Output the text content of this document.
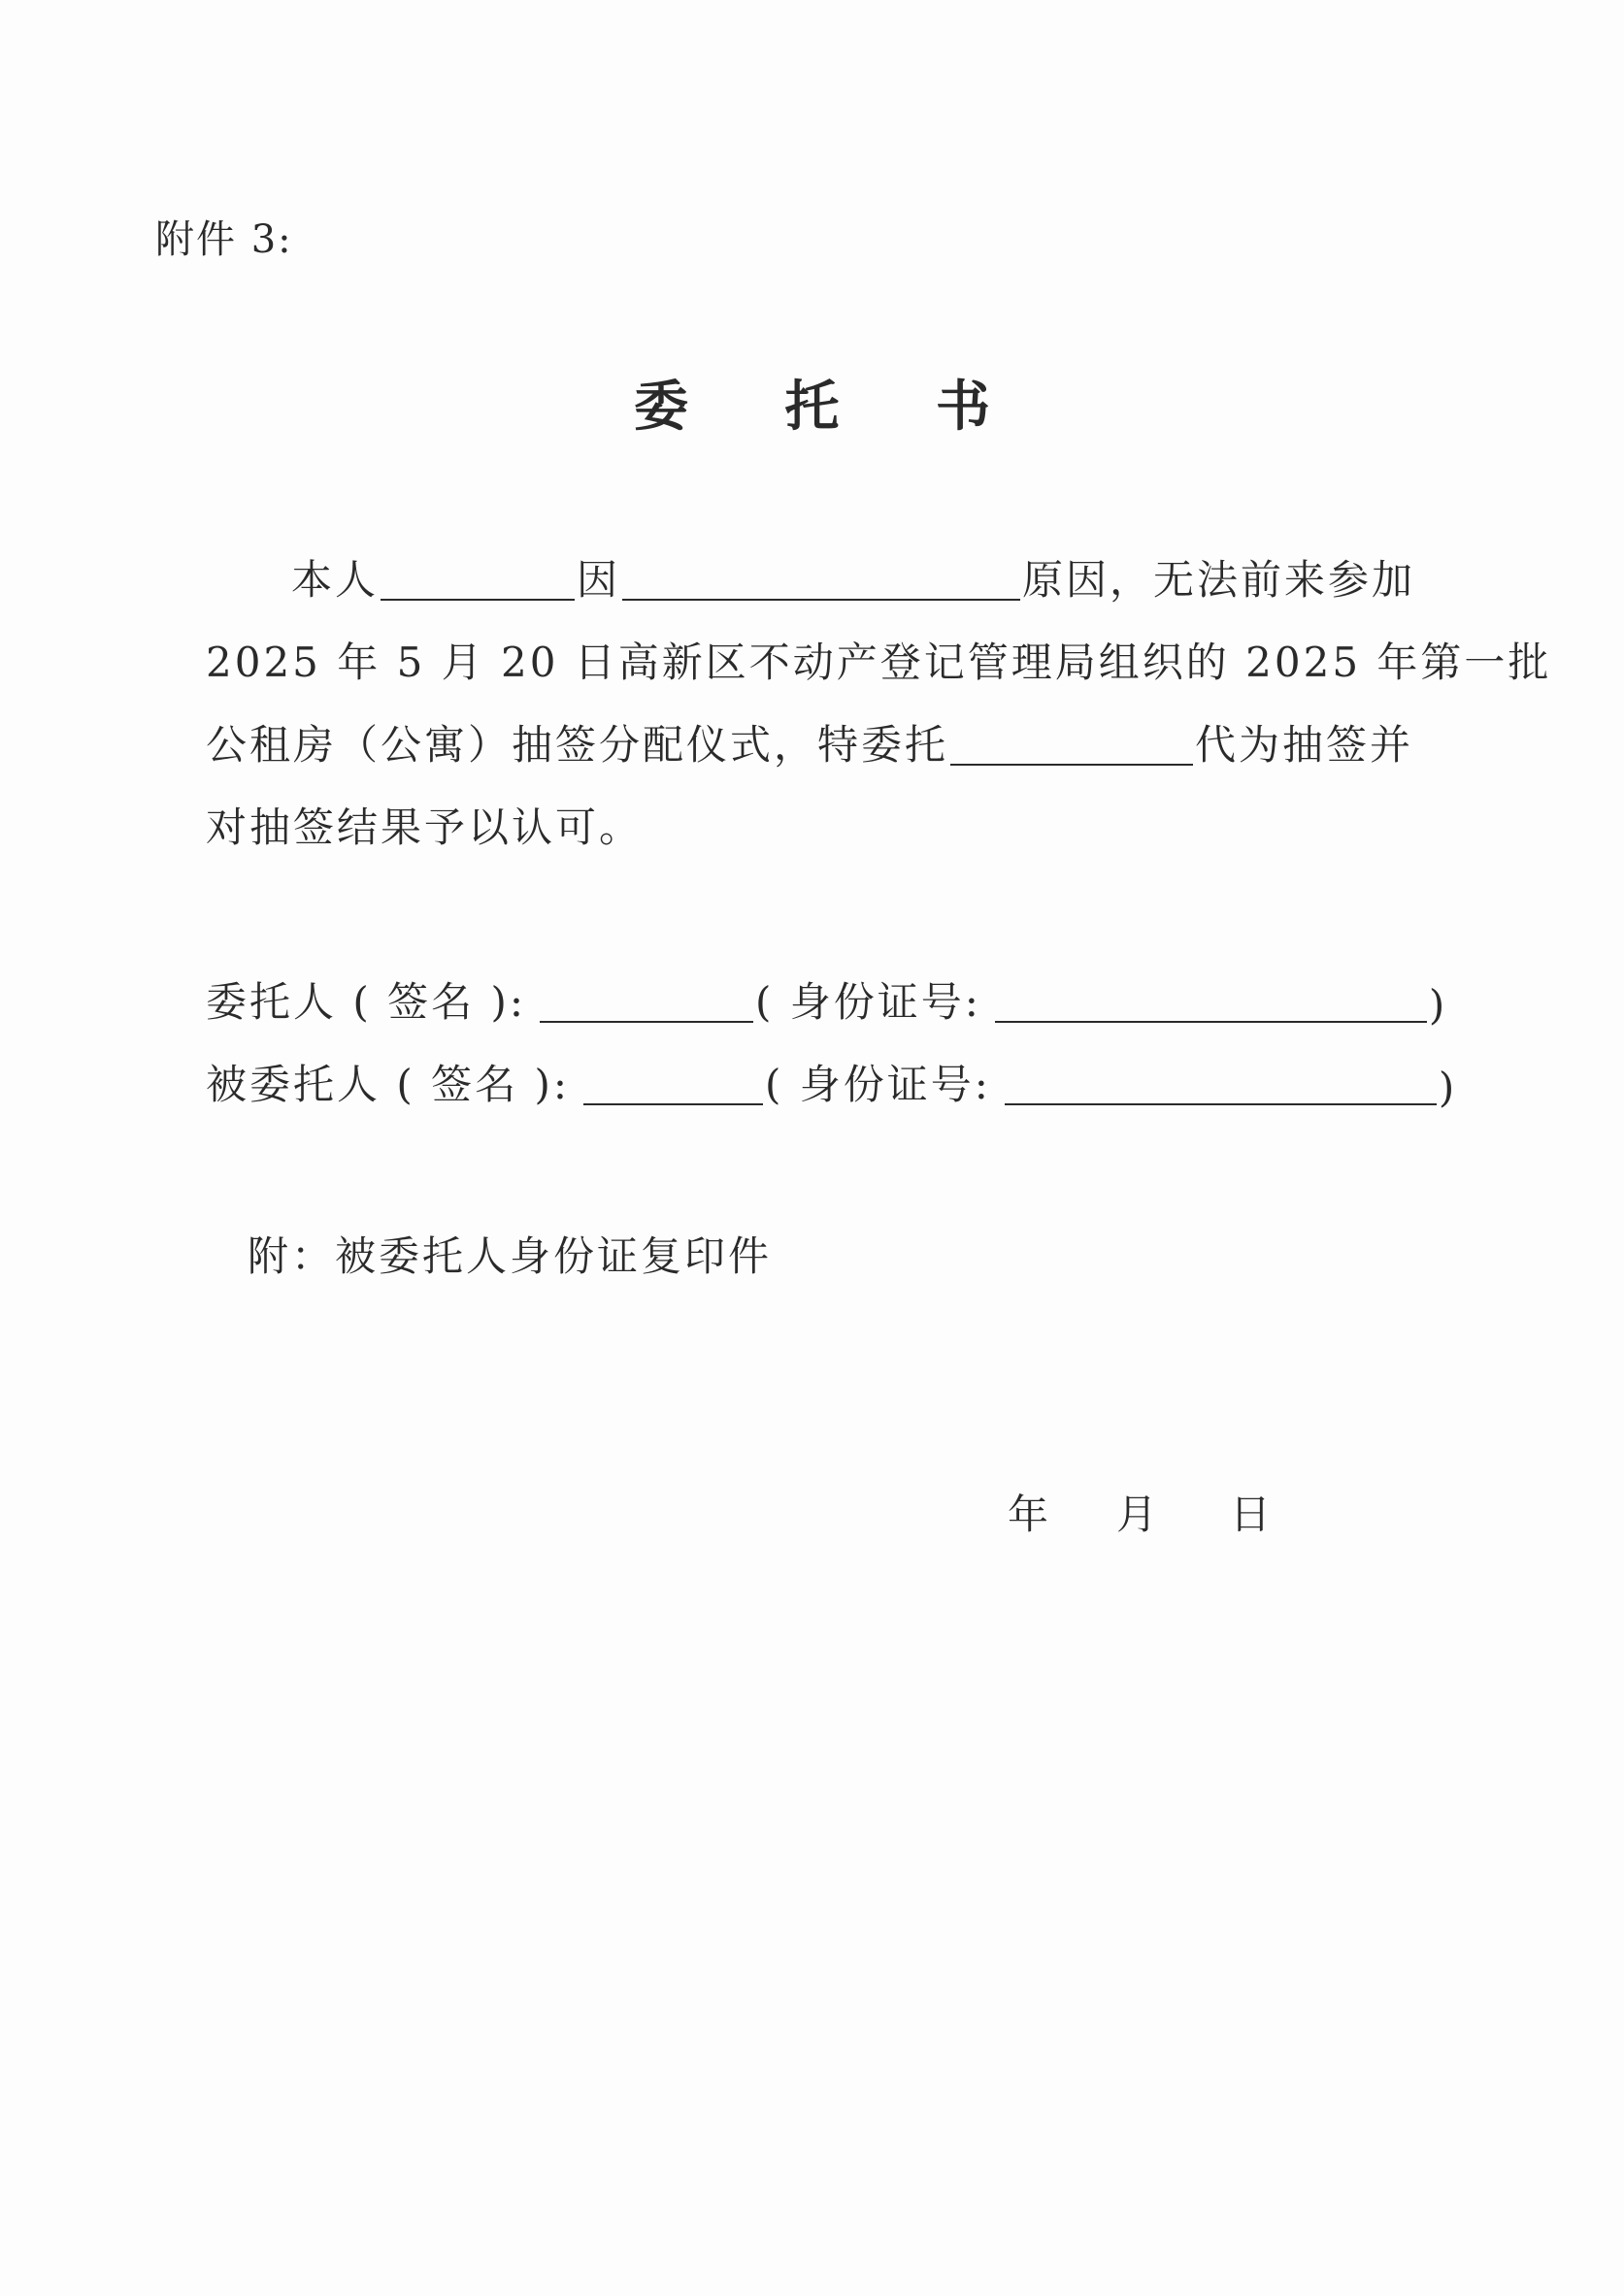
附件 3:
委 托 书
本人	因	原因，无法前来参加
2025 年 5 月 20 日高新区不动产登记管理局组织的 2025 年第一批
公租房（公寓）抽签分配仪式，特委托	代为抽签并
对抽签结果予以认可。
委托人 ( 签名 ):	( 身份证号:	)
被委托人 ( 签名 ):	( 身份证号:	)
附：被委托人身份证复印件
年	月	日
